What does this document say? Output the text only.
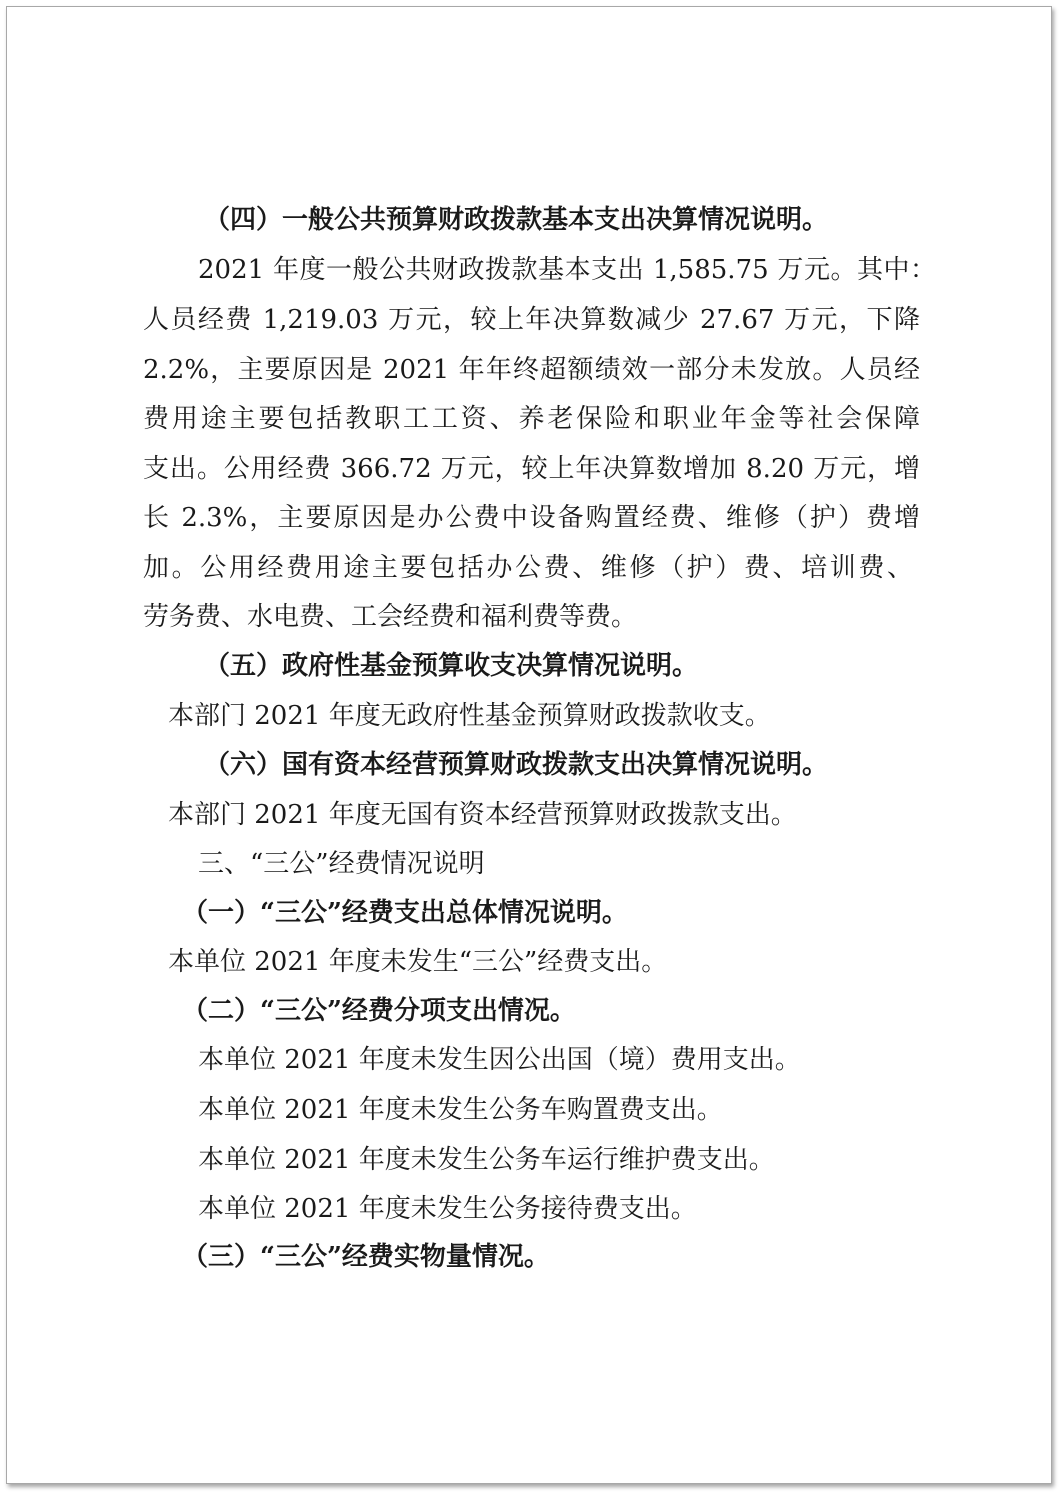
（四）一般公共预算财政拨款基本支出决算情况说明。
2021 年度一般公共财政拨款基本支出 1,585.75 万元。其中：
人员经费 1,219.03 万元，较上年决算数减少 27.67 万元，下降
2.2%，主要原因是 2021 年年终超额绩效一部分未发放。人员经
费用途主要包括教职工工资、养老保险和职业年金等社会保障
支出。公用经费 366.72 万元，较上年决算数增加 8.20 万元，增
长 2.3%，主要原因是办公费中设备购置经费、维修（护）费增
加。公用经费用途主要包括办公费、维修（护）费、培训费、
劳务费、水电费、工会经费和福利费等费。
（五）政府性基金预算收支决算情况说明。
本部门 2021 年度无政府性基金预算财政拨款收支。
（六）国有资本经营预算财政拨款支出决算情况说明。
本部门 2021 年度无国有资本经营预算财政拨款支出。
三、“三公”经费情况说明
（一）“三公”经费支出总体情况说明。
本单位 2021 年度未发生“三公”经费支出。
（二）“三公”经费分项支出情况。
本单位 2021 年度未发生因公出国（境）费用支出。
本单位 2021 年度未发生公务车购置费支出。
本单位 2021 年度未发生公务车运行维护费支出。
本单位 2021 年度未发生公务接待费支出。
（三）“三公”经费实物量情况。
